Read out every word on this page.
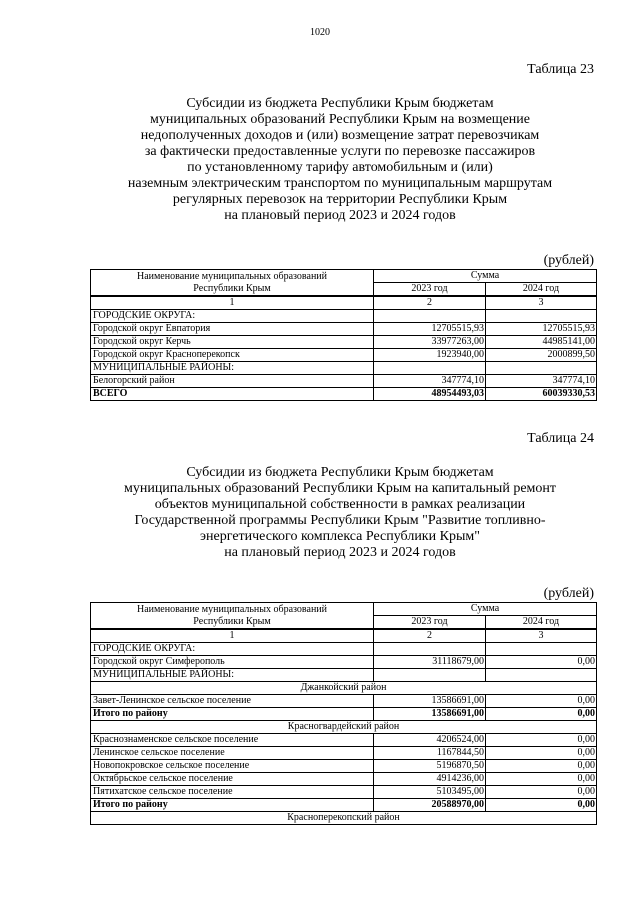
1020
Таблица 23
Субсидии из бюджета Республики Крым бюджетам
муниципальных образований Республики Крым на возмещение
недополученных доходов и (или) возмещение затрат перевозчикам
за фактически предоставленные услуги по перевозке пассажиров
по установленному тарифу автомобильным и (или)
наземным электрическим транспортом по муниципальным маршрутам
регулярных перевозок на территории Республики Крым
на плановый период 2023 и 2024 годов
(рублей)
Наименование муниципальных образований
Республики Крым	Сумма	
	2023 год	2024 год
1	2	3
ГОРОДСКИЕ ОКРУГА:		
Городской округ Евпатория	12705515,93	12705515,93
Городской округ Керчь	33977263,00	44985141,00
Городской округ Красноперекопск	1923940,00	2000899,50
МУНИЦИПАЛЬНЫЕ РАЙОНЫ:		
Белогорский район	347774,10	347774,10
ВСЕГО	48954493,03	60039330,53
Таблица 24
Субсидии из бюджета Республики Крым бюджетам
муниципальных образований Республики Крым на капитальный ремонт
объектов муниципальной собственности в рамках реализации
Государственной программы Республики Крым "Развитие топливно-
энергетического комплекса Республики Крым"
на плановый период 2023 и 2024 годов
(рублей)
Наименование муниципальных образований
Республики Крым	Сумма	
	2023 год	2024 год
1	2	3
ГОРОДСКИЕ ОКРУГА:		
Городской округ Симферополь	31118679,00	0,00
МУНИЦИПАЛЬНЫЕ РАЙОНЫ:		
Джанкойский район		
Завет-Ленинское сельское поселение	13586691,00	0,00
Итого по району	13586691,00	0,00
Красногвардейский район		
Краснознаменское сельское поселение	4206524,00	0,00
Ленинское сельское поселение	1167844,50	0,00
Новопокровское сельское поселение	5196870,50	0,00
Октябрьское сельское поселение	4914236,00	0,00
Пятихатское сельское поселение	5103495,00	0,00
Итого по району	20588970,00	0,00
Красноперекопский район		
